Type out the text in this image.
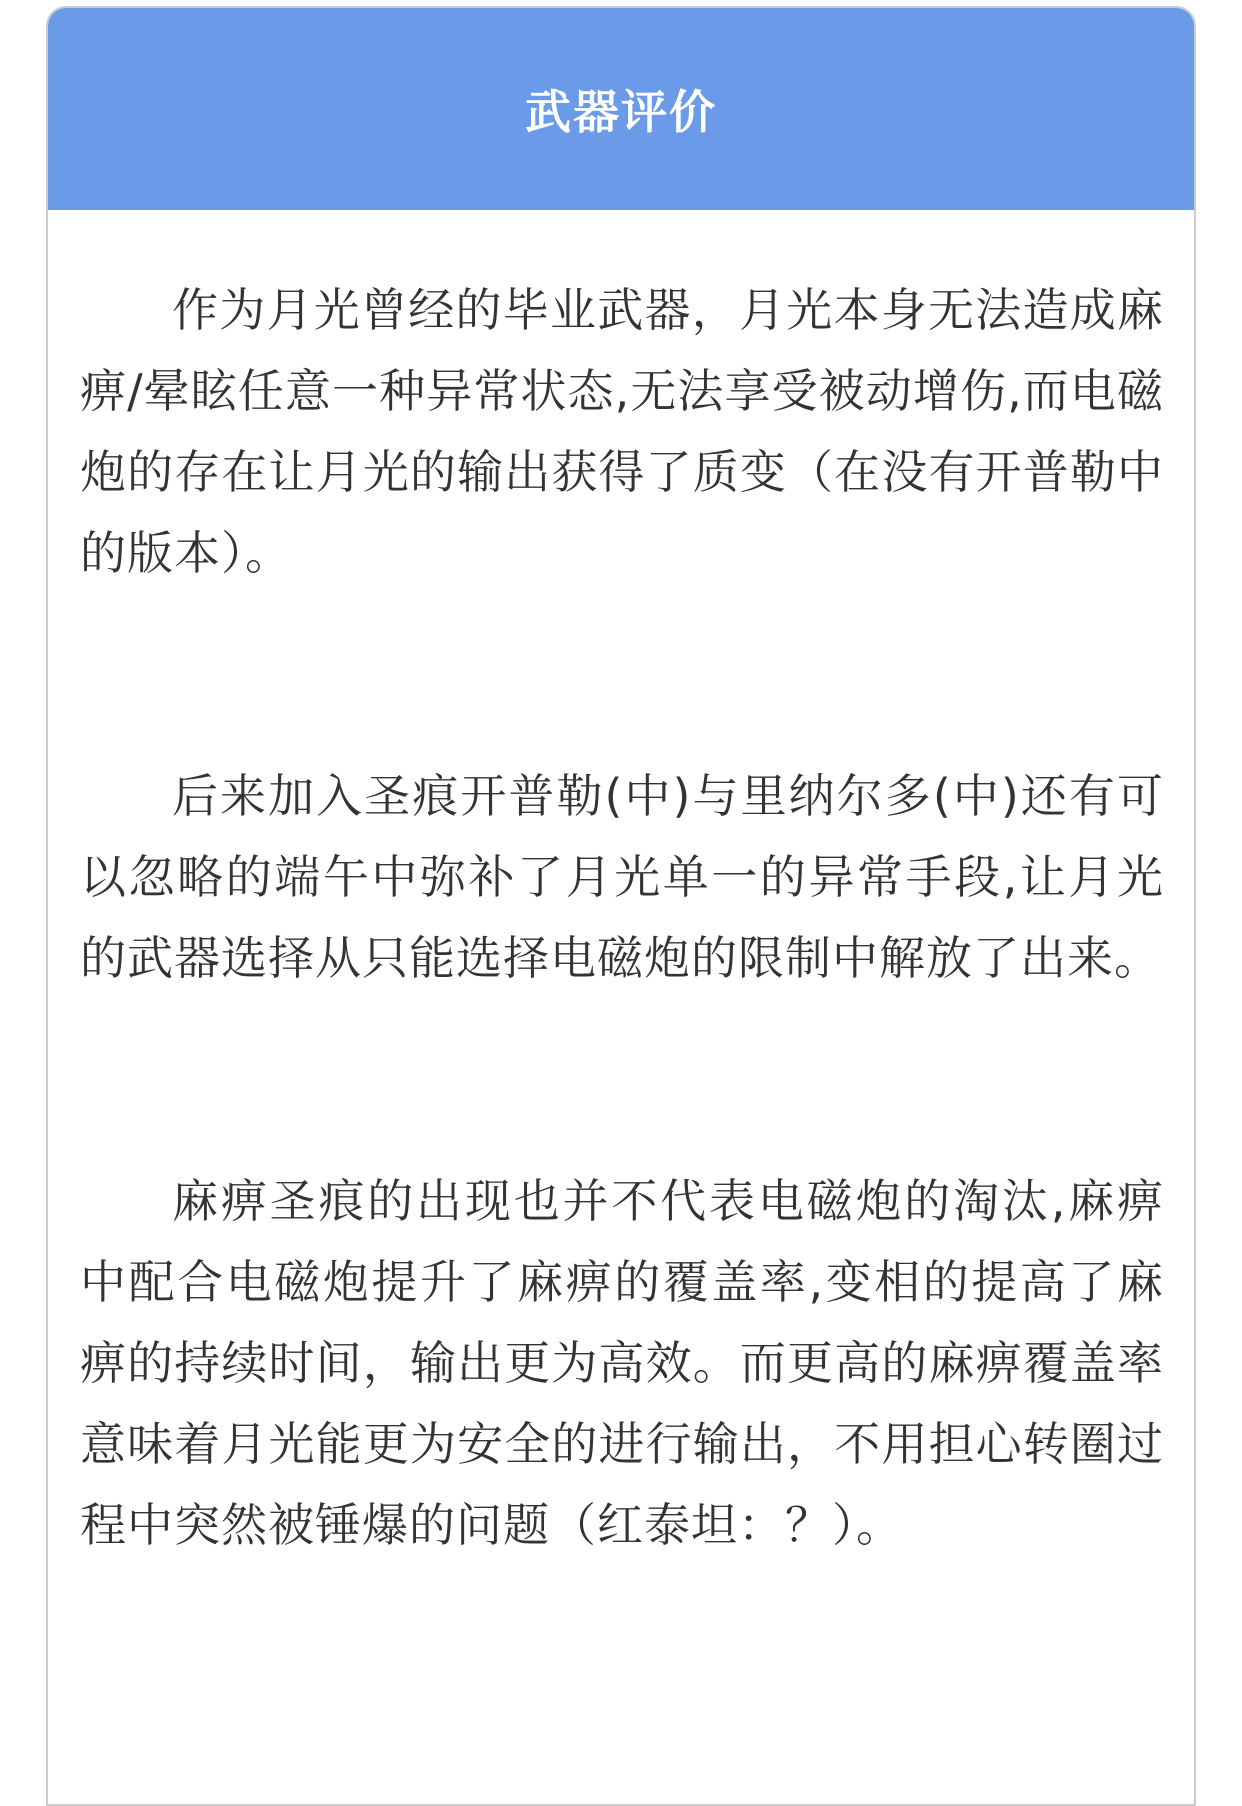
武器评价

作为月光曾经的毕业武器，月光本身无法造成麻痹/晕眩任意一种异常状态,无法享受被动增伤,而电磁炮的存在让月光的输出获得了质变（在没有开普勒中的版本）。

后来加入圣痕开普勒(中)与里纳尔多(中)还有可以忽略的端午中弥补了月光单一的异常手段,让月光的武器选择从只能选择电磁炮的限制中解放了出来。

麻痹圣痕的出现也并不代表电磁炮的淘汰,麻痹中配合电磁炮提升了麻痹的覆盖率,变相的提高了麻痹的持续时间，输出更为高效。而更高的麻痹覆盖率意味着月光能更为安全的进行输出，不用担心转圈过程中突然被锤爆的问题（红泰坦：？）。
